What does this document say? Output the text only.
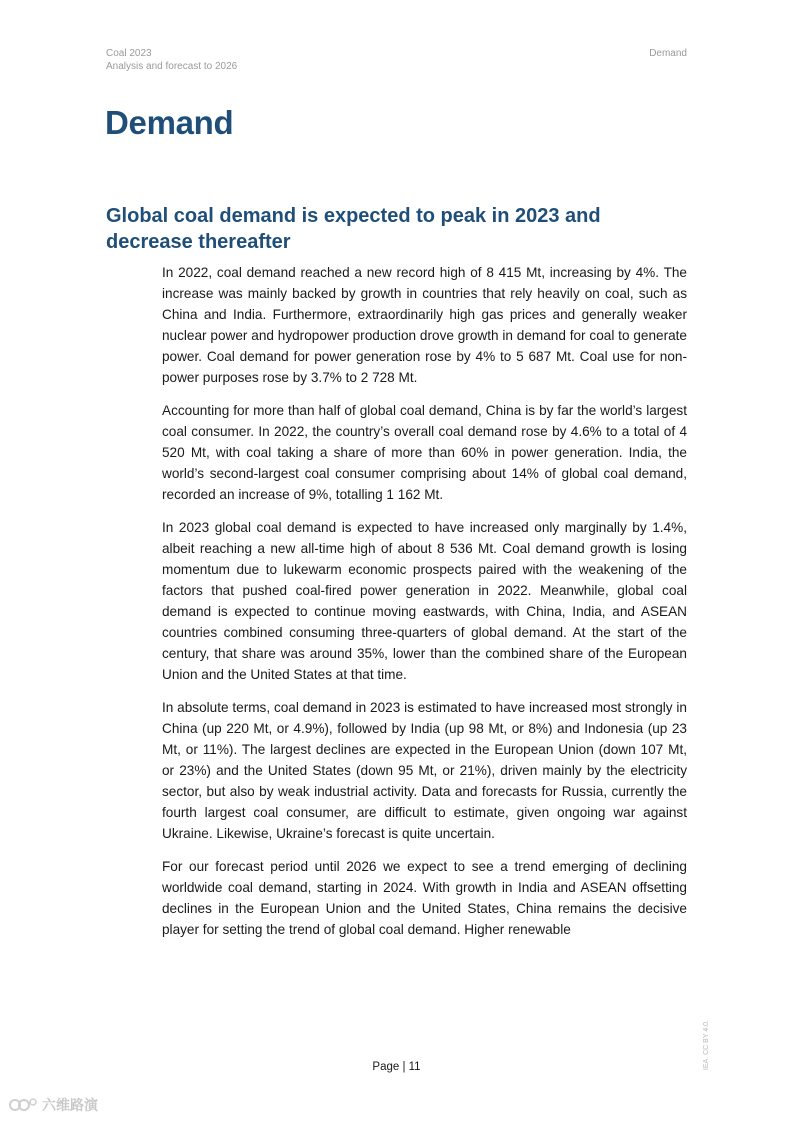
Coal 2023
Analysis and forecast to 2026
Demand
Demand
Global coal demand is expected to peak in 2023 and decrease thereafter

In 2022, coal demand reached a new record high of 8 415 Mt, increasing by 4%. The increase was mainly backed by growth in countries that rely heavily on coal, such as China and India. Furthermore, extraordinarily high gas prices and generally weaker nuclear power and hydropower production drove growth in demand for coal to generate power. Coal demand for power generation rose by 4% to 5 687 Mt. Coal use for non-power purposes rose by 3.7% to 2 728 Mt.

Accounting for more than half of global coal demand, China is by far the world’s largest coal consumer. In 2022, the country’s overall coal demand rose by 4.6% to a total of 4 520 Mt, with coal taking a share of more than 60% in power generation. India, the world’s second-largest coal consumer comprising about 14% of global coal demand, recorded an increase of 9%, totalling 1 162 Mt.

In 2023 global coal demand is expected to have increased only marginally by 1.4%, albeit reaching a new all-time high of about 8 536 Mt. Coal demand growth is losing momentum due to lukewarm economic prospects paired with the weakening of the factors that pushed coal-fired power generation in 2022. Meanwhile, global coal demand is expected to continue moving eastwards, with China, India, and ASEAN countries combined consuming three-quarters of global demand. At the start of the century, that share was around 35%, lower than the combined share of the European Union and the United States at that time.

In absolute terms, coal demand in 2023 is estimated to have increased most strongly in China (up 220 Mt, or 4.9%), followed by India (up 98 Mt, or 8%) and Indonesia (up 23 Mt, or 11%). The largest declines are expected in the European Union (down 107 Mt, or 23%) and the United States (down 95 Mt, or 21%), driven mainly by the electricity sector, but also by weak industrial activity. Data and forecasts for Russia, currently the fourth largest coal consumer, are difficult to estimate, given ongoing war against Ukraine. Likewise, Ukraine’s forecast is quite uncertain.

For our forecast period until 2026 we expect to see a trend emerging of declining worldwide coal demand, starting in 2024. With growth in India and ASEAN offsetting declines in the European Union and the United States, China remains the decisive player for setting the trend of global coal demand. Higher renewable

Page | 11	IEA. CC BY 4.0.
六维路演
